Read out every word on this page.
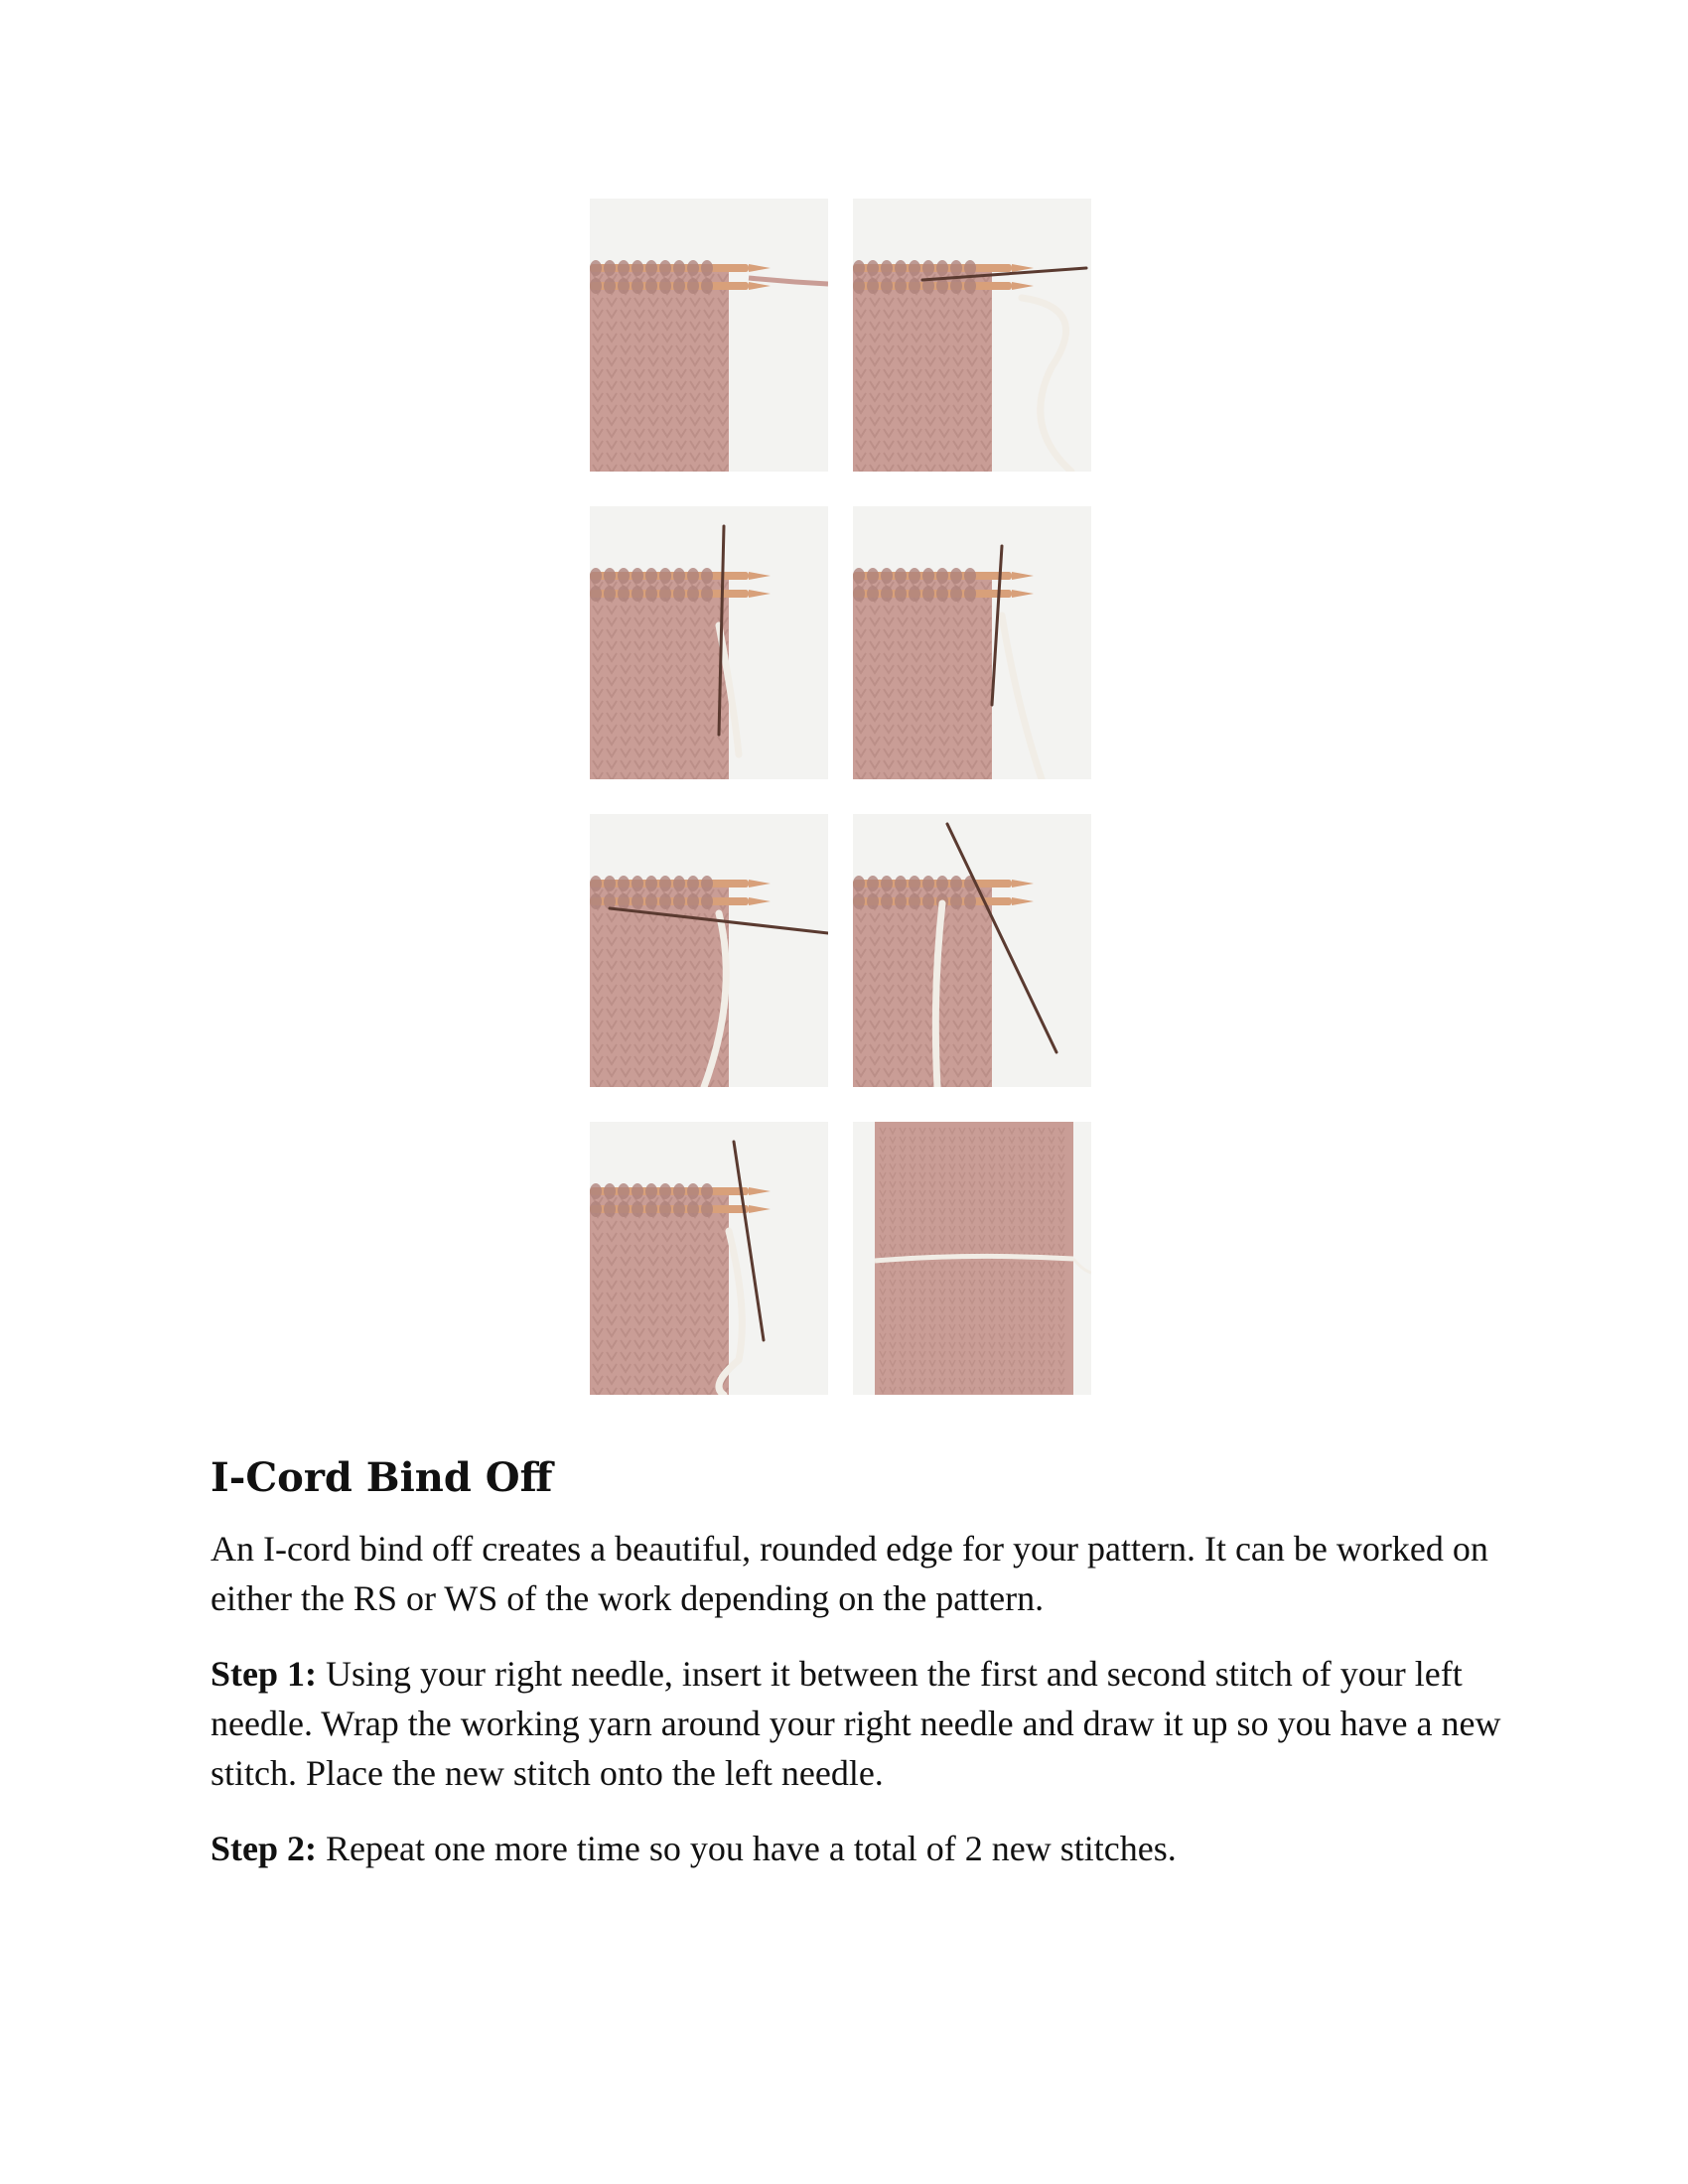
I-Cord Bind Off

An I-cord bind off creates a beautiful, rounded edge for your pattern. It can be worked on either the RS or WS of the work depending on the pattern.

Step 1: Using your right needle, insert it between the first and second stitch of your left needle. Wrap the working yarn around your right needle and draw it up so you have a new stitch. Place the new stitch onto the left needle.

Step 2: Repeat one more time so you have a total of 2 new stitches.
